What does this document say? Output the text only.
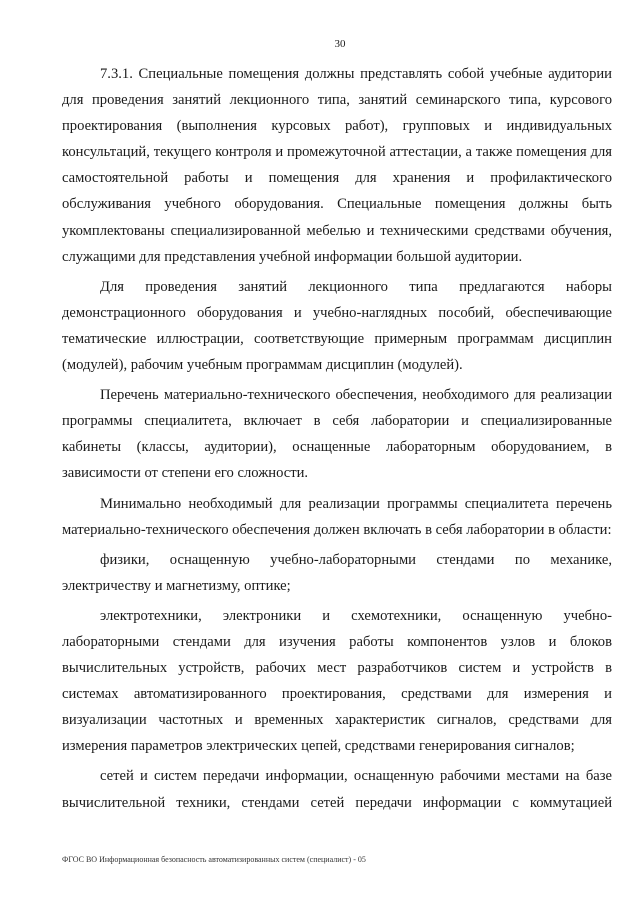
30

7.3.1. Специальные помещения должны представлять собой учебные аудитории для проведения занятий лекционного типа, занятий семинарского типа, курсового проектирования (выполнения курсовых работ), групповых и индивидуальных консультаций, текущего контроля и промежуточной аттестации, а также помещения для самостоятельной работы и помещения для хранения и профилактического обслуживания учебного оборудования. Специальные помещения должны быть укомплектованы специализированной мебелью и техническими средствами обучения, служащими для представления учебной информации большой аудитории.

Для проведения занятий лекционного типа предлагаются наборы демонстрационного оборудования и учебно-наглядных пособий, обеспечивающие тематические иллюстрации, соответствующие примерным программам дисциплин (модулей), рабочим учебным программам дисциплин (модулей).

Перечень материально-технического обеспечения, необходимого для реализации программы специалитета, включает в себя лаборатории и специализированные кабинеты (классы, аудитории), оснащенные лабораторным оборудованием, в зависимости от степени его сложности.

Минимально необходимый для реализации программы специалитета перечень материально-технического обеспечения должен включать в себя лаборатории в области:

физики, оснащенную учебно-лабораторными стендами по механике, электричеству и магнетизму, оптике;

электротехники, электроники и схемотехники, оснащенную учебно-лабораторными стендами для изучения работы компонентов узлов и блоков вычислительных устройств, рабочих мест разработчиков систем и устройств в системах автоматизированного проектирования, средствами для измерения и визуализации частотных и временных характеристик сигналов, средствами для измерения параметров электрических цепей, средствами генерирования сигналов;

сетей и систем передачи информации, оснащенную рабочими местами на базе вычислительной техники, стендами сетей передачи информации с коммутацией

ФГОС ВО Информационная безопасность автоматизированных систем (специалист) - 05
